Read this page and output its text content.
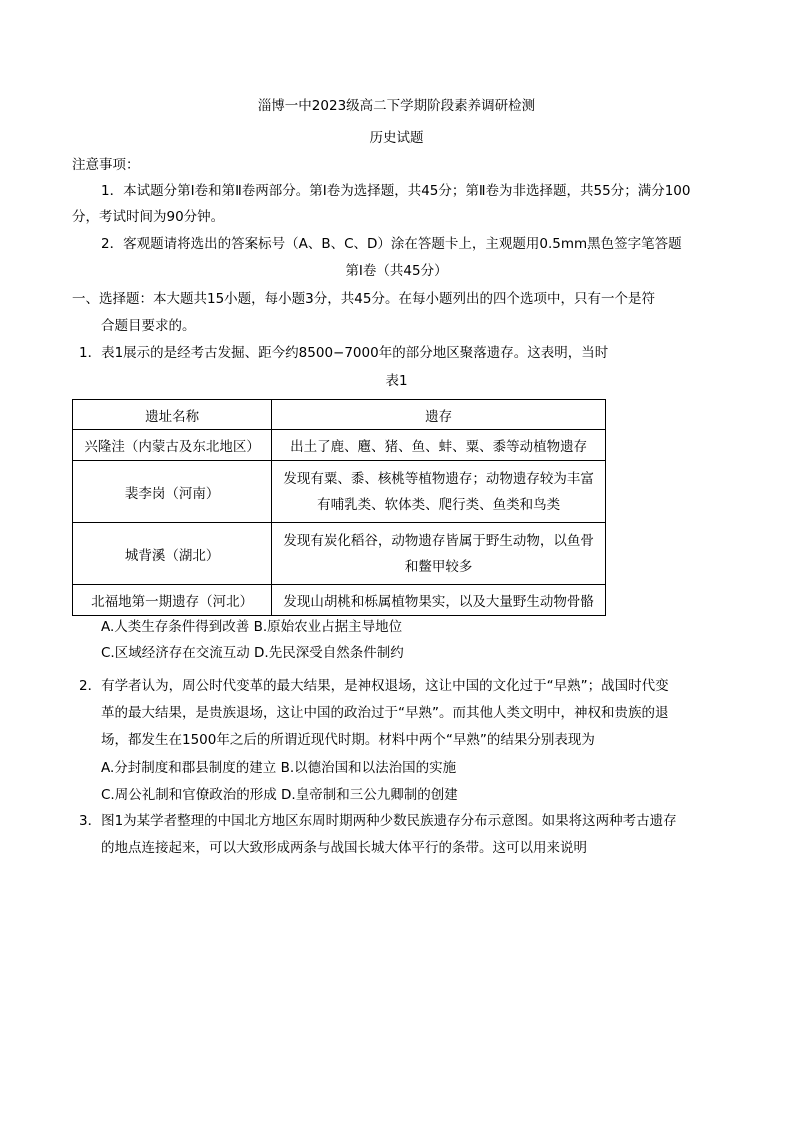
淄博一中2023级高二下学期阶段素养调研检测
历史试题
注意事项：
1．本试题分第Ⅰ卷和第Ⅱ卷两部分。第Ⅰ卷为选择题，共45分；第Ⅱ卷为非选择题，共55分；满分100
分，考试时间为90分钟。
2．客观题请将选出的答案标号（A、B、C、D）涂在答题卡上，主观题用0.5mm黑色签字笔答题
第Ⅰ卷（共45分）
一、选择题：本大题共15小题，每小题3分，共45分。在每小题列出的四个选项中，只有一个是符
合题目要求的。
1．表1展示的是经考古发掘、距今约8500−7000年的部分地区聚落遗存。这表明，当时
表1
遗址名称	遗存
兴隆洼（内蒙古及东北地区）	出土了鹿、麅、猪、鱼、蚌、粟、黍等动植物遗存

裴李岗（河南）	发现有粟、黍、核桃等植物遗存；动物遗存较为丰富
有哺乳类、软体类、爬行类、鱼类和鸟类

城背溪（湖北）	发现有炭化稻谷，动物遗存皆属于野生动物，以鱼骨
和鳖甲较多

北福地第一期遗存（河北）	发现山胡桃和栎属植物果实，以及大量野生动物骨骼
A.人类生存条件得到改善 B.原始农业占据主导地位
C.区域经济存在交流互动 D.先民深受自然条件制约
2．有学者认为，周公时代变革的最大结果，是神权退场，这让中国的文化过于“早熟”；战国时代变
革的最大结果，是贵族退场，这让中国的政治过于“早熟”。而其他人类文明中，神权和贵族的退
场，都发生在1500年之后的所谓近现代时期。材料中两个“早熟”的结果分别表现为
A.分封制度和郡县制度的建立 B.以德治国和以法治国的实施
C.周公礼制和官僚政治的形成 D.皇帝制和三公九卿制的创建
3．图1为某学者整理的中国北方地区东周时期两种少数民族遗存分布示意图。如果将这两种考古遗存
的地点连接起来，可以大致形成两条与战国长城大体平行的条带。这可以用来说明
